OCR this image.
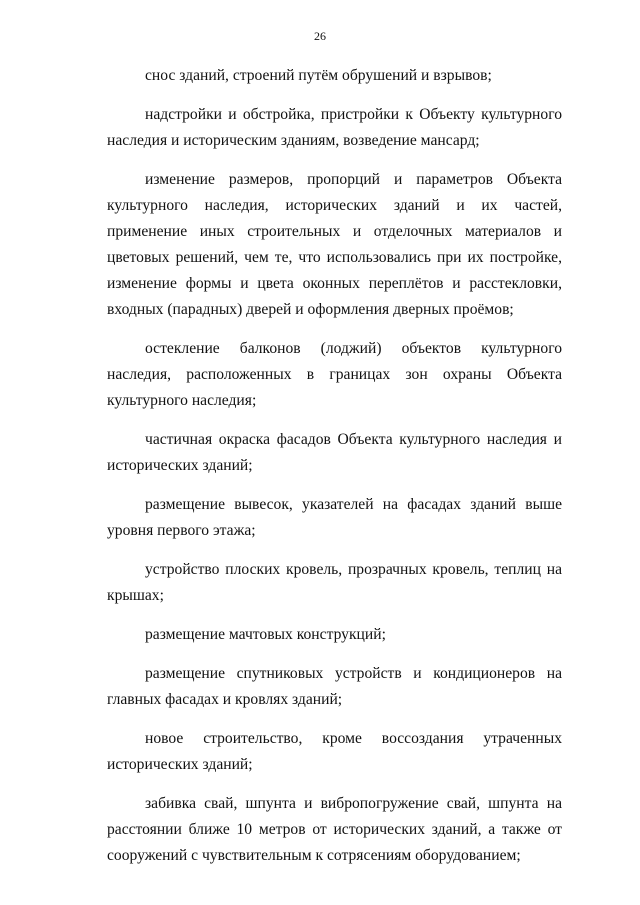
26

снос зданий, строений путём обрушений и взрывов;

надстройки и обстройка, пристройки к Объекту культурного наследия и историческим зданиям, возведение мансард;

изменение размеров, пропорций и параметров Объекта культурного наследия, исторических зданий и их частей, применение иных строительных и отделочных материалов и цветовых решений, чем те, что использовались при их постройке, изменение формы и цвета оконных переплётов и расстекловки, входных (парадных) дверей и оформления дверных проёмов;

остекление балконов (лоджий) объектов культурного наследия, расположенных в границах зон охраны Объекта культурного наследия;

частичная окраска фасадов Объекта культурного наследия и исторических зданий;

размещение вывесок, указателей на фасадах зданий выше уровня первого этажа;

устройство плоских кровель, прозрачных кровель, теплиц на крышах;

размещение мачтовых конструкций;

размещение спутниковых устройств и кондиционеров на главных фасадах и кровлях зданий;

новое строительство, кроме воссоздания утраченных исторических зданий;

забивка свай, шпунта и вибропогружение свай, шпунта на расстоянии ближе 10 метров от исторических зданий, а также от сооружений с чувствительным к сотрясениям оборудованием;
